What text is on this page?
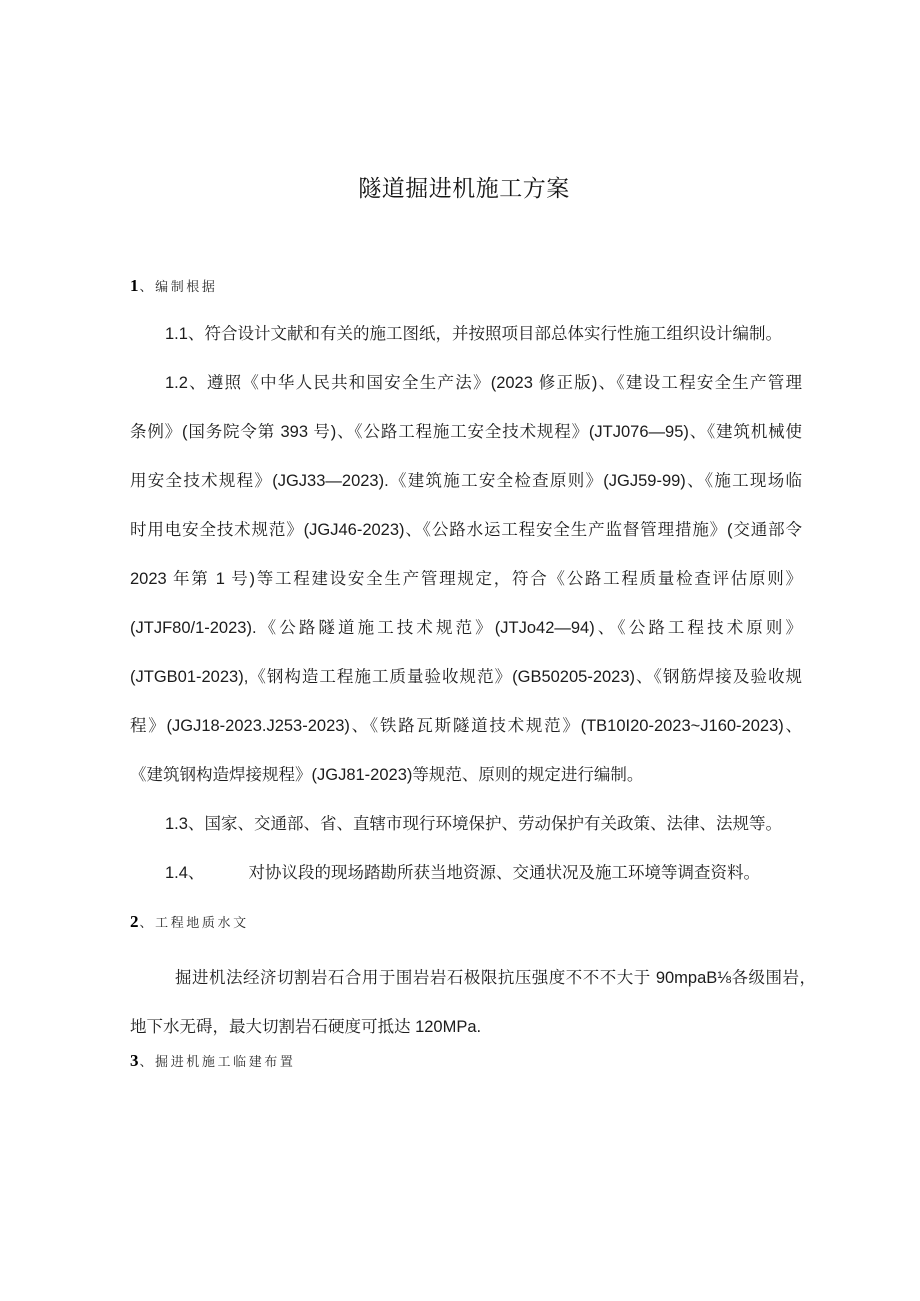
隧道掘进机施工方案
1、编制根据
1.1、符合设计文献和有关的施工图纸，并按照项目部总体实行性施工组织设计编制。
1.2、遵照《中华人民共和国安全生产法》(2023 修正版)、《建设工程安全生产管理
条例》(国务院令第 393 号)、《公路工程施工安全技术规程》(JTJ076—95)、《建筑机械使
用安全技术规程》(JGJ33—2023).《建筑施工安全检查原则》(JGJ59-99)、《施工现场临
时用电安全技术规范》(JGJ46-2023)、《公路水运工程安全生产监督管理措施》(交通部令
2023 年第 1 号)等工程建设安全生产管理规定，符合《公路工程质量检查评估原则》
(JTJF80/1-2023).《公路隧道施工技术规范》(JTJo42—94)、《公路工程技术原则》
(JTGB01-2023),《钢构造工程施工质量验收规范》(GB50205-2023)、《钢筋焊接及验收规
程》(JGJ18-2023.J253-2023)、《铁路瓦斯隧道技术规范》(TB10I20-2023~J160-2023)、
《建筑钢构造焊接规程》(JGJ81-2023)等规范、原则的规定进行编制。
1.3、国家、交通部、省、直辖市现行环境保护、劳动保护有关政策、法律、法规等。
1.4、	对协议段的现场踏勘所获当地资源、交通状况及施工环境等调查资料。
2、工程地质水文
掘进机法经济切割岩石合用于围岩岩石极限抗压强度不不不大于 90mpaB⅛各级围岩，
地下水无碍，最大切割岩石硬度可抵达 120MPa.
3、掘进机施工临建布置
